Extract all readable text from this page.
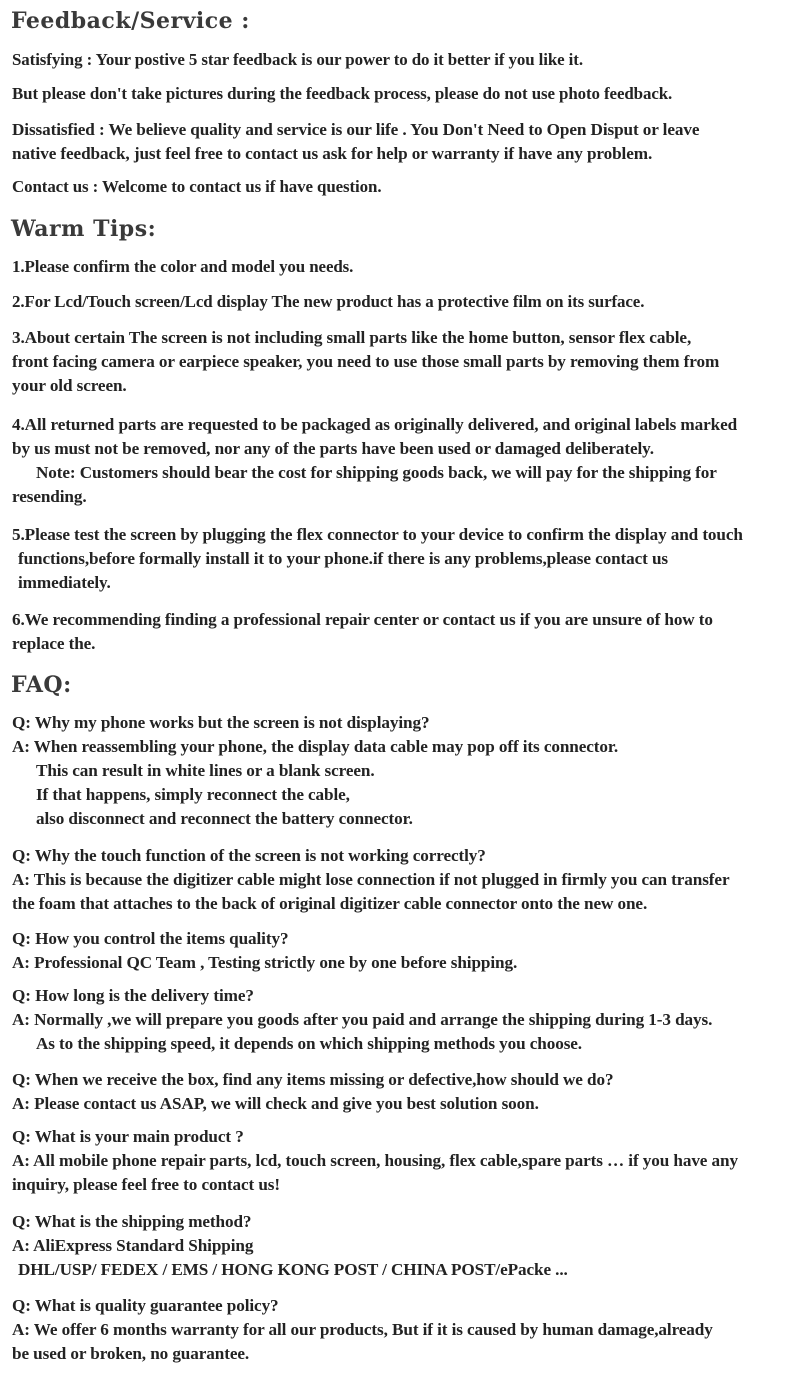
Feedback/Service :

Satisfying : Your postive 5 star feedback is our power to do it better if you like it.

But please don't take pictures during the feedback process, please do not use photo feedback.

Dissatisfied : We believe quality and service is our life . You Don't Need to Open Disput or leave
native feedback, just feel free to contact us ask for help or warranty if have any problem.

Contact us : Welcome to contact us if have question.

Warm Tips:

1.Please confirm the color and model you needs.

2.For Lcd/Touch screen/Lcd display The new product has a protective film on its surface.

3.About certain The screen is not including small parts like the home button, sensor flex cable,
front facing camera or earpiece speaker, you need to use those small parts by removing them from
your old screen.
4.All returned parts are requested to be packaged as originally delivered, and original labels marked
by us must not be removed, nor any of the parts have been used or damaged deliberately.
Note: Customers should bear the cost for shipping goods back, we will pay for the shipping for
resending.
5.Please test the screen by plugging the flex connector to your device to confirm the display and touch
functions,before formally install it to your phone.if there is any problems,please contact us
immediately.
6.We recommending finding a professional repair center or contact us if you are unsure of how to
replace the.
FAQ:
Q: Why my phone works but the screen is not displaying?
A: When reassembling your phone, the display data cable may pop off its connector.
This can result in white lines or a blank screen.
If that happens, simply reconnect the cable,
also disconnect and reconnect the battery connector.
Q: Why the touch function of the screen is not working correctly?
A: This is because the digitizer cable might lose connection if not plugged in firmly you can transfer
the foam that attaches to the back of original digitizer cable connector onto the new one.
Q: How you control the items quality?
A: Professional QC Team , Testing strictly one by one before shipping.
Q: How long is the delivery time?
A: Normally ,we will prepare you goods after you paid and arrange the shipping during 1-3 days.
As to the shipping speed, it depends on which shipping methods you choose.
Q: When we receive the box, find any items missing or defective,how should we do?
A: Please contact us ASAP, we will check and give you best solution soon.
Q: What is your main product ?
A: All mobile phone repair parts, lcd, touch screen, housing, flex cable,spare parts … if you have any
inquiry, please feel free to contact us!
Q: What is the shipping method?
A: AliExpress Standard Shipping
DHL/USP/ FEDEX / EMS / HONG KONG POST / CHINA POST/ePacke ...
Q: What is quality guarantee policy?
A: We offer 6 months warranty for all our products, But if it is caused by human damage,already
be used or broken, no guarantee.
